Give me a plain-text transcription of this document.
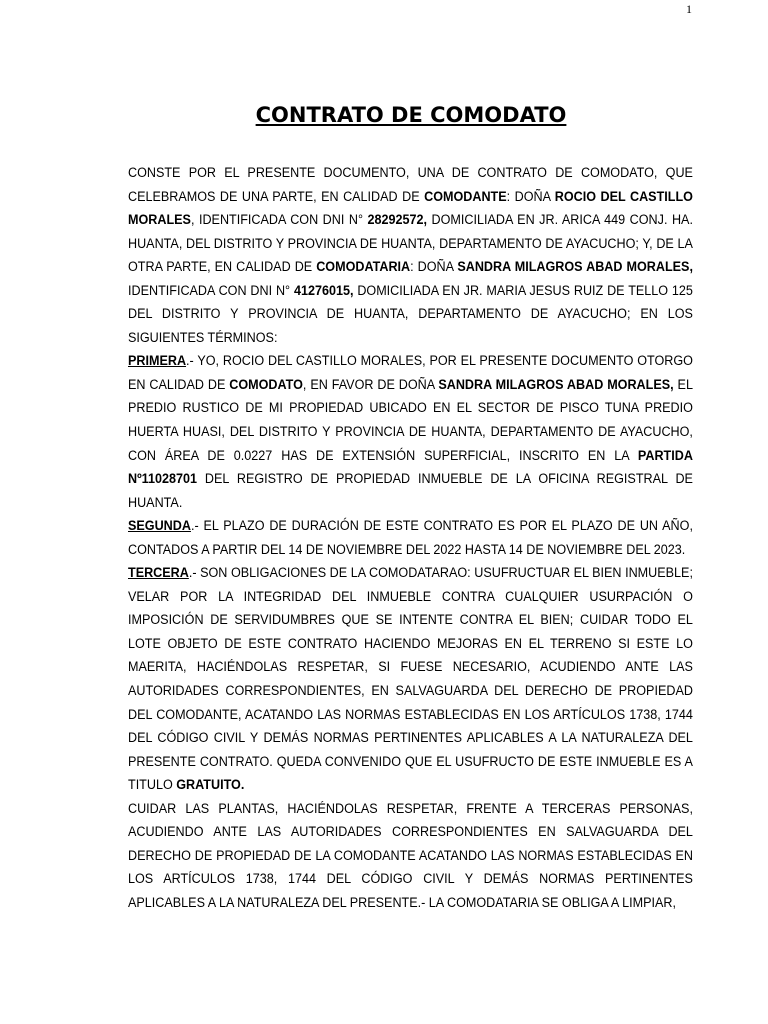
1
CONTRATO DE COMODATO

CONSTE POR EL PRESENTE DOCUMENTO, UNA DE CONTRATO DE COMODATO, QUE CELEBRAMOS DE UNA PARTE, EN CALIDAD DE COMODANTE: DOÑA ROCIO DEL CASTILLO MORALES, IDENTIFICADA CON DNI N° 28292572, DOMICILIADA EN JR. ARICA 449 CONJ. HA. HUANTA, DEL DISTRITO Y PROVINCIA DE HUANTA, DEPARTAMENTO DE AYACUCHO; Y, DE LA OTRA PARTE, EN CALIDAD DE COMODATARIA: DOÑA SANDRA MILAGROS ABAD MORALES, IDENTIFICADA CON DNI N° 41276015, DOMICILIADA EN JR. MARIA JESUS RUIZ DE TELLO 125 DEL DISTRITO Y PROVINCIA DE HUANTA, DEPARTAMENTO DE AYACUCHO; EN LOS SIGUIENTES TÉRMINOS:

PRIMERA.- YO, ROCIO DEL CASTILLO MORALES, POR EL PRESENTE DOCUMENTO OTORGO EN CALIDAD DE COMODATO, EN FAVOR DE DOÑA SANDRA MILAGROS ABAD MORALES, EL PREDIO RUSTICO DE MI PROPIEDAD UBICADO EN EL SECTOR DE PISCO TUNA PREDIO HUERTA HUASI, DEL DISTRITO Y PROVINCIA DE HUANTA, DEPARTAMENTO DE AYACUCHO, CON ÁREA DE 0.0227 HAS DE EXTENSIÓN SUPERFICIAL, INSCRITO EN LA PARTIDA Nº11028701 DEL REGISTRO DE PROPIEDAD INMUEBLE DE LA OFICINA REGISTRAL DE HUANTA.

SEGUNDA.- EL PLAZO DE DURACIÓN DE ESTE CONTRATO ES POR EL PLAZO DE UN AÑO, CONTADOS A PARTIR DEL 14 DE NOVIEMBRE DEL 2022 HASTA 14 DE NOVIEMBRE DEL 2023.

TERCERA.- SON OBLIGACIONES DE LA COMODATARAO: USUFRUCTUAR EL BIEN INMUEBLE; VELAR POR LA INTEGRIDAD DEL INMUEBLE CONTRA CUALQUIER USURPACIÓN O IMPOSICIÓN DE SERVIDUMBRES QUE SE INTENTE CONTRA EL BIEN; CUIDAR TODO EL LOTE OBJETO DE ESTE CONTRATO HACIENDO MEJORAS EN EL TERRENO SI ESTE LO MAERITA, HACIÉNDOLAS RESPETAR, SI FUESE NECESARIO, ACUDIENDO ANTE LAS AUTORIDADES CORRESPONDIENTES, EN SALVAGUARDA DEL DERECHO DE PROPIEDAD DEL COMODANTE, ACATANDO LAS NORMAS ESTABLECIDAS EN LOS ARTÍCULOS 1738, 1744 DEL CÓDIGO CIVIL Y DEMÁS NORMAS PERTINENTES APLICABLES A LA NATURALEZA DEL PRESENTE CONTRATO. QUEDA CONVENIDO QUE EL USUFRUCTO DE ESTE INMUEBLE ES A TITULO GRATUITO.

CUIDAR LAS PLANTAS, HACIÉNDOLAS RESPETAR, FRENTE A TERCERAS PERSONAS, ACUDIENDO ANTE LAS AUTORIDADES CORRESPONDIENTES EN SALVAGUARDA DEL DERECHO DE PROPIEDAD DE LA COMODANTE ACATANDO LAS NORMAS ESTABLECIDAS EN LOS ARTÍCULOS 1738, 1744 DEL CÓDIGO CIVIL Y DEMÁS NORMAS PERTINENTES APLICABLES A LA NATURALEZA DEL PRESENTE.- LA COMODATARIA SE OBLIGA A LIMPIAR,
